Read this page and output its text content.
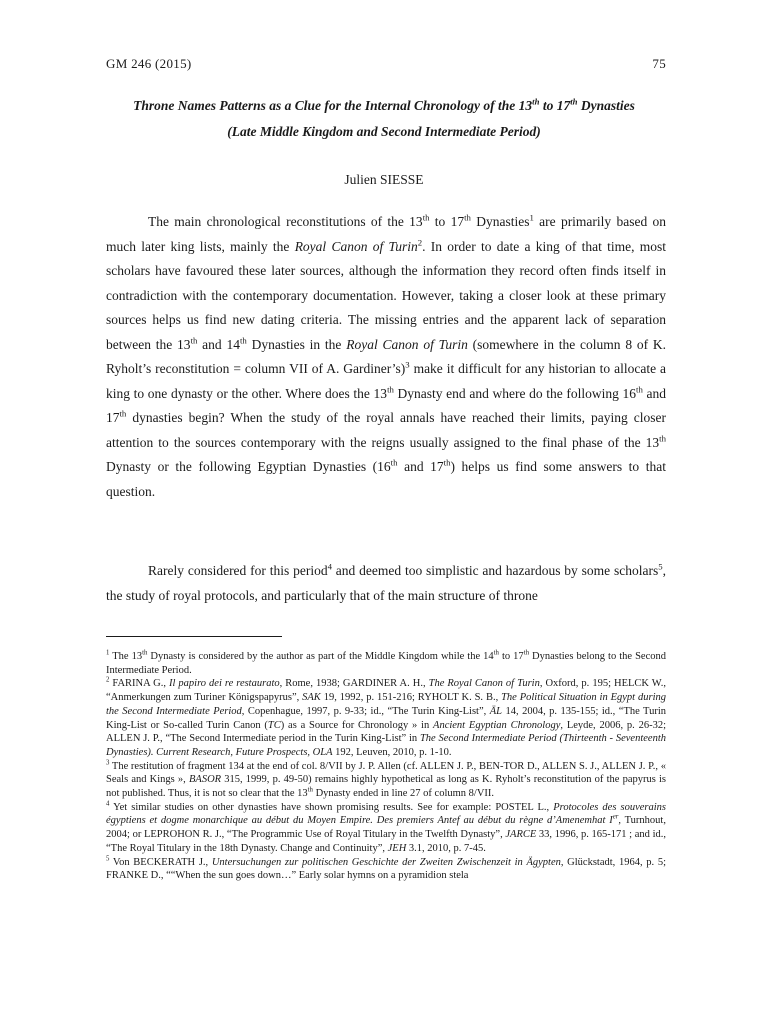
GM 246 (2015)	75
Throne Names Patterns as a Clue for the Internal Chronology of the 13th to 17th Dynasties
(Late Middle Kingdom and Second Intermediate Period)
Julien SIESSE
The main chronological reconstitutions of the 13th to 17th Dynasties$^1$ are primarily based on much later king lists, mainly the Royal Canon of Turin$^2$. In order to date a king of that time, most scholars have favoured these later sources, although the information they record often finds itself in contradiction with the contemporary documentation. However, taking a closer look at these primary sources helps us find new dating criteria. The missing entries and the apparent lack of separation between the 13th and 14th Dynasties in the Royal Canon of Turin (somewhere in the column 8 of K. Ryholt’s reconstitution = column VII of A. Gardiner’s)$^3$ make it difficult for any historian to allocate a king to one dynasty or the other. Where does the 13th Dynasty end and where do the following 16th and 17th dynasties begin? When the study of the royal annals have reached their limits, paying closer attention to the sources contemporary with the reigns usually assigned to the final phase of the 13th Dynasty or the following Egyptian Dynasties (16th and 17th) helps us find some answers to that question.
Rarely considered for this period$^4$ and deemed too simplistic and hazardous by some scholars$^5$, the study of royal protocols, and particularly that of the main structure of throne

$^1$ The 13th Dynasty is considered by the author as part of the Middle Kingdom while the 14th to 17th Dynasties belong to the Second Intermediate Period.

$^2$ FARINA G., Il papiro dei re restaurato, Rome, 1938; GARDINER A. H., The Royal Canon of Turin, Oxford, p. 195; HELCK W., “Anmerkungen zum Turiner Königspapyrus”, SAK 19, 1992, p. 151-216; RYHOLT K. S. B., The Political Situation in Egypt during the Second Intermediate Period, Copenhague, 1997, p. 9-33; id., “The Turin King-List”, ÄL 14, 2004, p. 135-155; id., “The Turin King-List or So-called Turin Canon (TC) as a Source for Chronology » in Ancient Egyptian Chronology, Leyde, 2006, p. 26-32; ALLEN J. P., “The Second Intermediate period in the Turin King-List” in The Second Intermediate Period (Thirteenth - Seventeenth Dynasties). Current Research, Future Prospects, OLA 192, Leuven, 2010, p. 1-10.

$^3$ The restitution of fragment 134 at the end of col. 8/VII by J. P. Allen (cf. ALLEN J. P., BEN-TOR D., ALLEN S. J., ALLEN J. P., « Seals and Kings », BASOR 315, 1999, p. 49-50) remains highly hypothetical as long as K. Ryholt’s reconstitution of the papyrus is not published. Thus, it is not so clear that the 13th Dynasty ended in line 27 of column 8/VII.

$^4$ Yet similar studies on other dynasties have shown promising results. See for example: POSTEL L., Protocoles des souverains égyptiens et dogme monarchique au début du Moyen Empire. Des premiers Antef au début du règne d’Amenemhat Ier, Turnhout, 2004; or LEPROHON R. J., “The Programmic Use of Royal Titulary in the Twelfth Dynasty”, JARCE 33, 1996, p. 165-171 ; and id., “The Royal Titulary in the 18th Dynasty. Change and Continuity”, JEH 3.1, 2010, p. 7-45.

$^5$ Von BECKERATH J., Untersuchungen zur politischen Geschichte der Zweiten Zwischenzeit in Ägypten, Glückstadt, 1964, p. 5; FRANKE D., ““When the sun goes down…” Early solar hymns on a pyramidion stela
